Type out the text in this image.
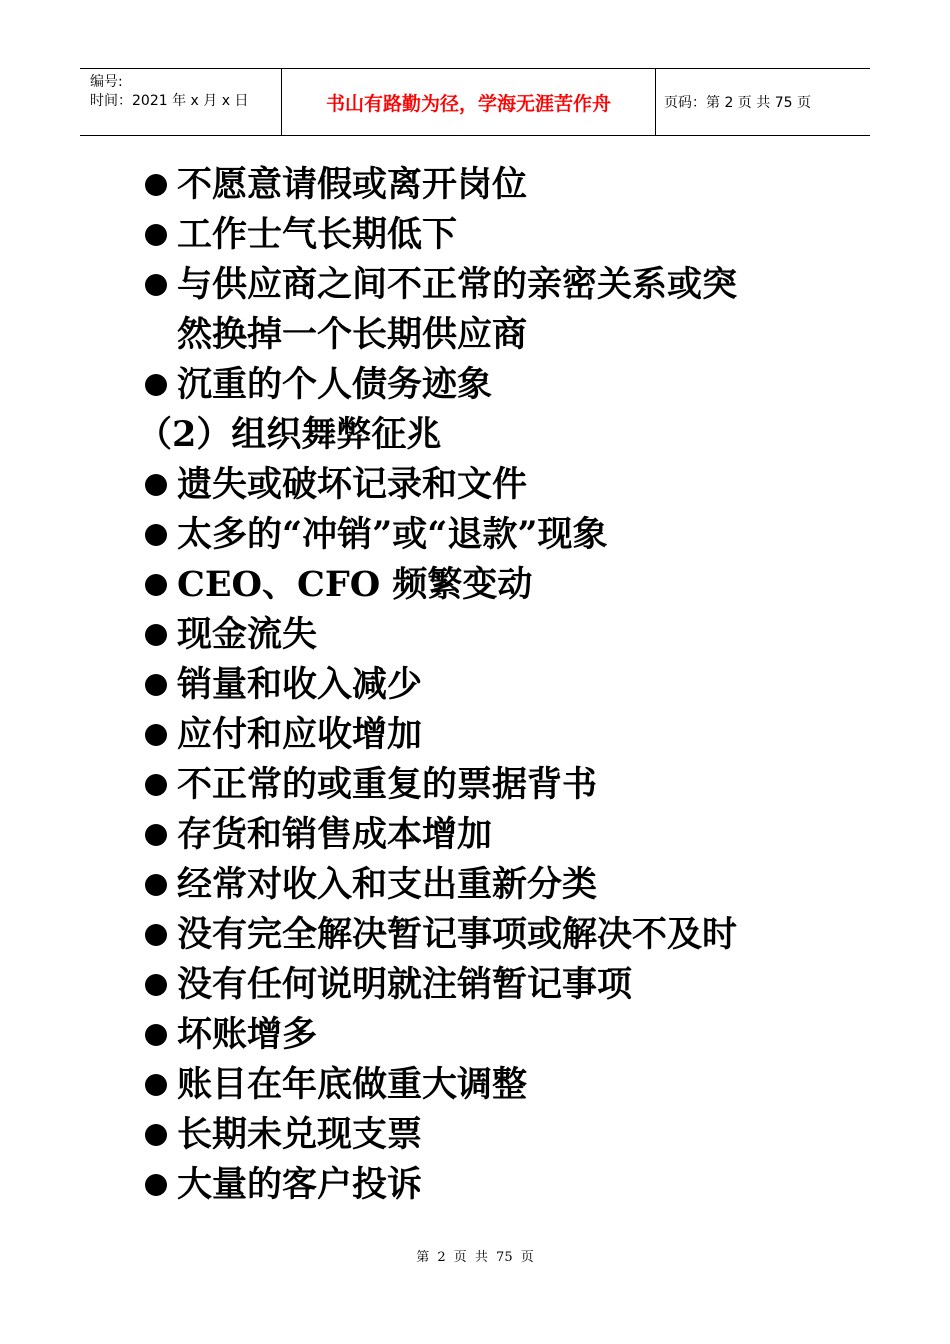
编号:
时间：2021 年 x 月 x 日	书山有路勤为径，学海无涯苦作舟	页码：第 2 页 共 75 页
不愿意请假或离开岗位
工作士气长期低下
与供应商之间不正常的亲密关系或突
然换掉一个长期供应商
沉重的个人债务迹象
（2）组织舞弊征兆
遗失或破坏记录和文件
太多的“冲销”或“退款”现象
CEO、CFO 频繁变动
现金流失
销量和收入减少
应付和应收增加
不正常的或重复的票据背书
存货和销售成本增加
经常对收入和支出重新分类
没有完全解决暂记事项或解决不及时
没有任何说明就注销暂记事项
坏账增多
账目在年底做重大调整
长期未兑现支票
大量的客户投诉
第 2 页 共 75 页
